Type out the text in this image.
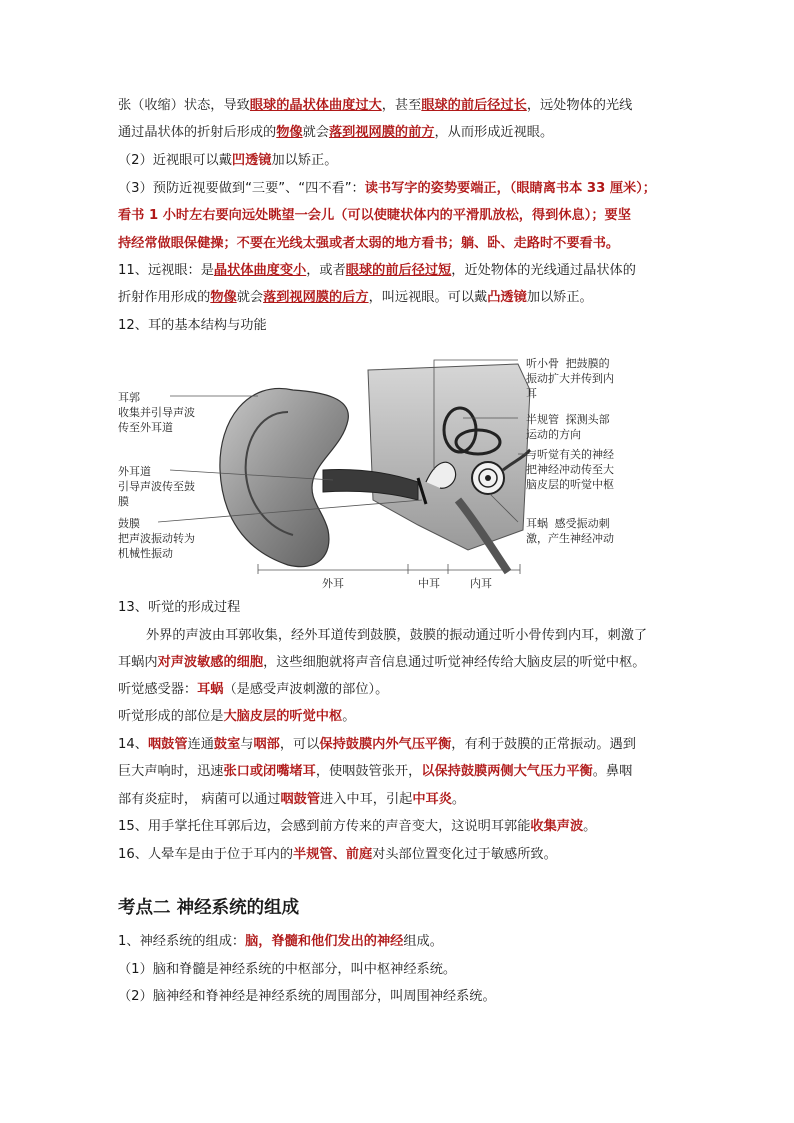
张（收缩）状态，导致眼球的晶状体曲度过大，甚至眼球的前后径过长，远处物体的光线
通过晶状体的折射后形成的物像就会落到视网膜的前方，从而形成近视眼。
（2）近视眼可以戴凹透镜加以矫正。
（3）预防近视要做到“三要”、“四不看”：读书写字的姿势要端正，（眼睛离书本 33 厘米）；
看书 1 小时左右要向远处眺望一会儿（可以使睫状体内的平滑肌放松，得到休息）；要坚
持经常做眼保健操；不要在光线太强或者太弱的地方看书；躺、卧、走路时不要看书。
11、远视眼：是晶状体曲度变小，或者眼球的前后径过短，近处物体的光线通过晶状体的
折射作用形成的物像就会落到视网膜的后方，叫远视眼。可以戴凸透镜加以矫正。
12、耳的基本结构与功能
耳郭
收集并引导声波
传至外耳道
外耳道
引导声波传至鼓
膜
鼓膜
把声波振动转为
机械性振动
听小骨 把鼓膜的
振动扩大并传到内
耳
半规管 探测头部
运动的方向
与听觉有关的神经
把神经冲动传至大
脑皮层的听觉中枢
耳蜗 感受振动刺
激，产生神经冲动
外耳	中耳	内耳
13、听觉的形成过程
外界的声波由耳郭收集，经外耳道传到鼓膜，鼓膜的振动通过听小骨传到内耳，刺激了
耳蜗内对声波敏感的细胞，这些细胞就将声音信息通过听觉神经传给大脑皮层的听觉中枢。
听觉感受器：耳蜗（是感受声波刺激的部位）。
听觉形成的部位是大脑皮层的听觉中枢。
14、咽鼓管连通鼓室与咽部，可以保持鼓膜内外气压平衡，有利于鼓膜的正常振动。遇到
巨大声响时，迅速张口或闭嘴堵耳，使咽鼓管张开，以保持鼓膜两侧大气压力平衡。鼻咽
部有炎症时， 病菌可以通过咽鼓管进入中耳，引起中耳炎。
15、用手掌托住耳郭后边，会感到前方传来的声音变大，这说明耳郭能收集声波。
16、人晕车是由于位于耳内的半规管、前庭对头部位置变化过于敏感所致。
考点二 神经系统的组成
1、神经系统的组成：脑，脊髓和他们发出的神经组成。
（1）脑和脊髓是神经系统的中枢部分，叫中枢神经系统。
（2）脑神经和脊神经是神经系统的周围部分，叫周围神经系统。
